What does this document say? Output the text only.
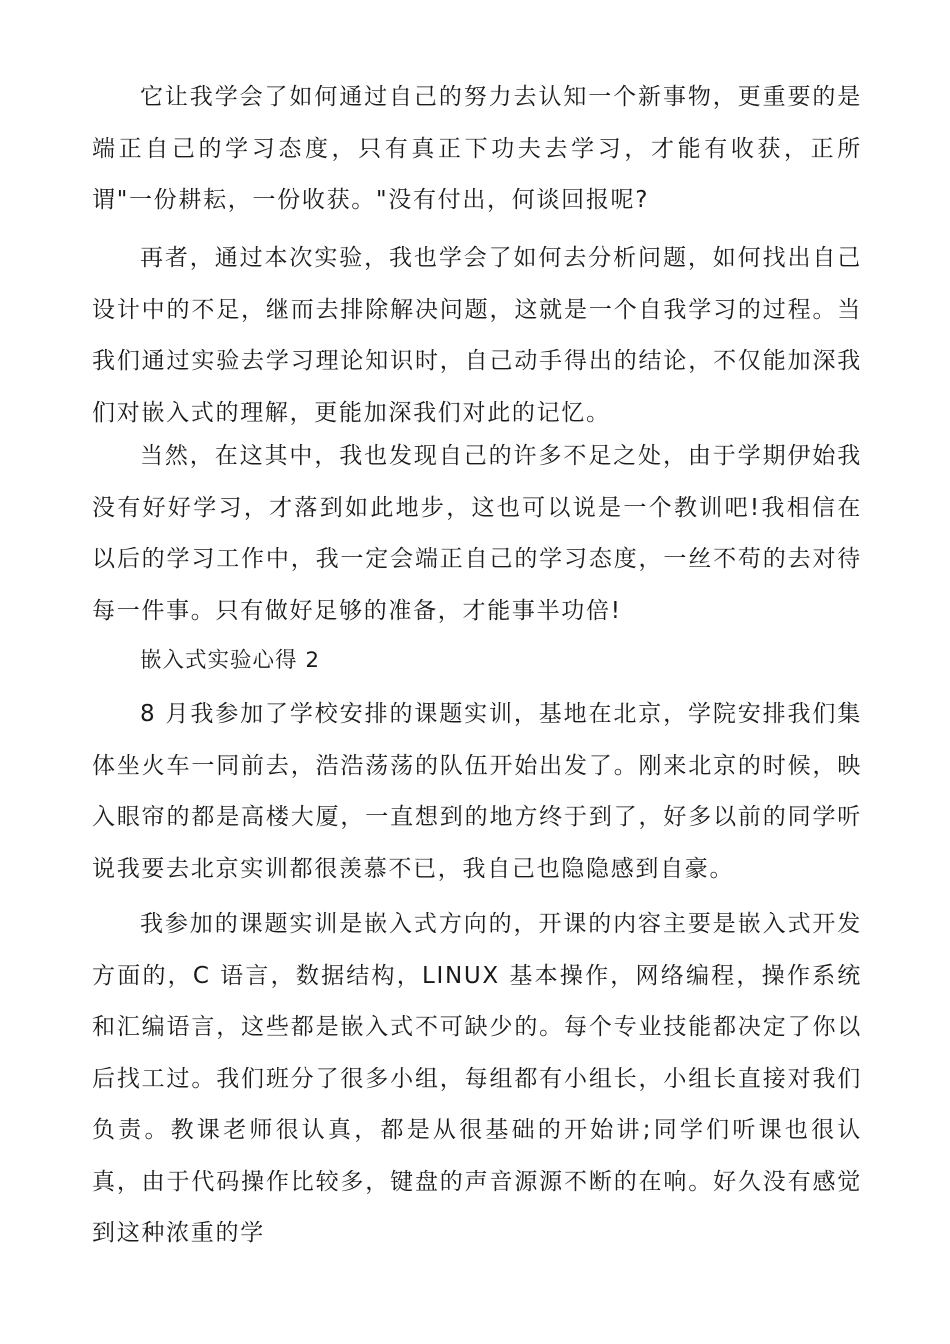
它让我学会了如何通过自己的努力去认知一个新事物，更重要的是端正自己的学习态度，只有真正下功夫去学习，才能有收获，正所谓"一份耕耘，一份收获。"没有付出，何谈回报呢?

再者，通过本次实验，我也学会了如何去分析问题，如何找出自己设计中的不足，继而去排除解决问题，这就是一个自我学习的过程。当我们通过实验去学习理论知识时，自己动手得出的结论，不仅能加深我们对嵌入式的理解，更能加深我们对此的记忆。

当然，在这其中，我也发现自己的许多不足之处，由于学期伊始我没有好好学习，才落到如此地步，这也可以说是一个教训吧!我相信在以后的学习工作中，我一定会端正自己的学习态度，一丝不苟的去对待每一件事。只有做好足够的准备，才能事半功倍!

嵌入式实验心得 2

8 月我参加了学校安排的课题实训，基地在北京，学院安排我们集体坐火车一同前去，浩浩荡荡的队伍开始出发了。刚来北京的时候，映入眼帘的都是高楼大厦，一直想到的地方终于到了，好多以前的同学听说我要去北京实训都很羡慕不已，我自己也隐隐感到自豪。

我参加的课题实训是嵌入式方向的，开课的内容主要是嵌入式开发方面的，C 语言，数据结构，LINUX 基本操作，网络编程，操作系统和汇编语言，这些都是嵌入式不可缺少的。每个专业技能都决定了你以后找工过。我们班分了很多小组，每组都有小组长，小组长直接对我们负责。教课老师很认真，都是从很基础的开始讲;同学们听课也很认真，由于代码操作比较多，键盘的声音源源不断的在响。好久没有感觉到这种浓重的学
